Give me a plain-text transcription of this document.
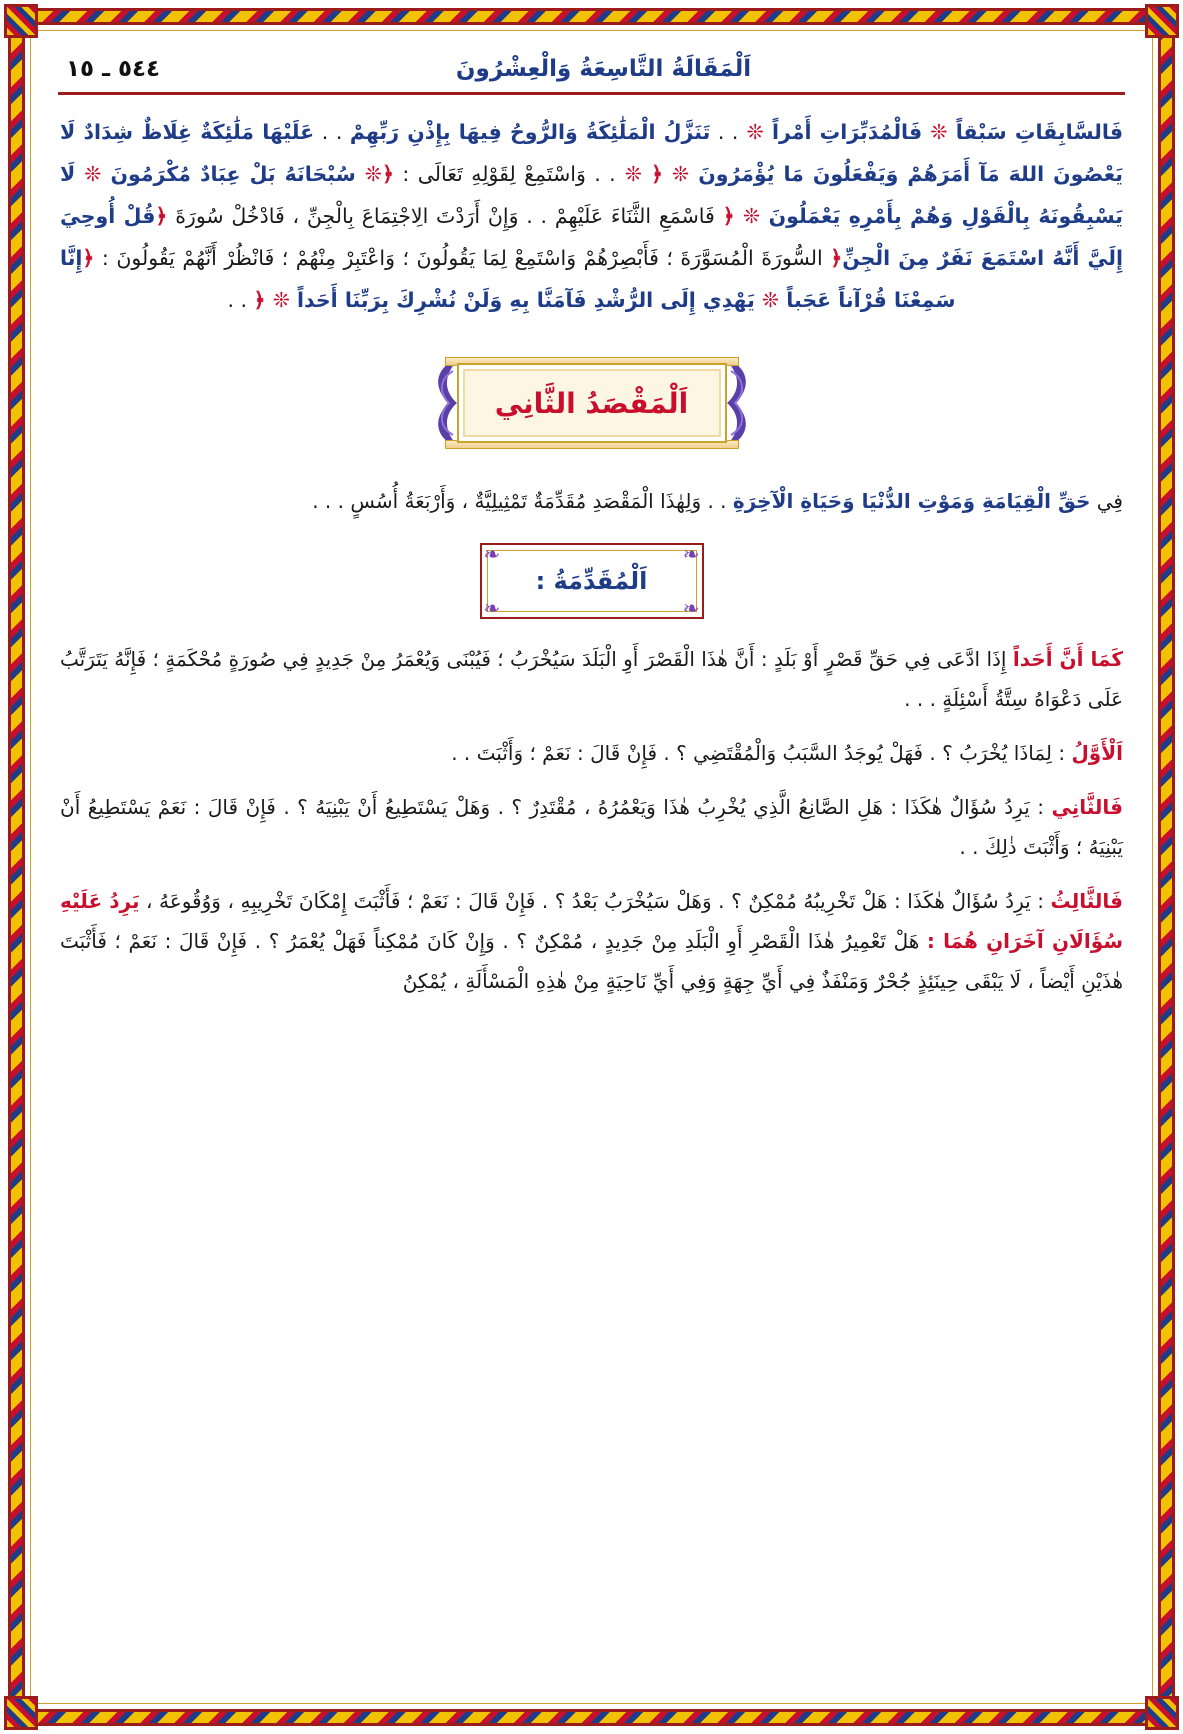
اَلْمَقَالَةُ التَّاسِعَةُ وَالْعِشْرُونَ
٥٤٤ ـ ١٥

فَالسَّابِقَاتِ سَبْقاً ❊ فَالْمُدَبِّرَاتِ أَمْراً ❊ . . تَنَزَّلُ الْمَلَٰئِكَةُ وَالرُّوحُ فِيهَا بِإِذْنِ رَبِّهِمْ . . عَلَيْهَا مَلَٰئِكَةٌ غِلَاظٌ شِدَادٌ لَا يَعْصُونَ اللهَ مَآ أَمَرَهُمْ وَيَفْعَلُونَ مَا يُؤْمَرُونَ ❊ ﴿ ❊ . . وَاسْتَمِعْ لِقَوْلِهِ تَعَالَى : ﴿❊ سُبْحَانَهُ بَلْ عِبَادٌ مُكْرَمُونَ ❊ لَا يَسْبِقُونَهُ بِالْقَوْلِ وَهُمْ بِأَمْرِهِ يَعْمَلُونَ ❊ ﴿ فَاسْمَعِ الثَّنَاءَ عَلَيْهِمْ . . وَإِنْ أَرَدْتَ الِاجْتِمَاعَ بِالْجِنِّ ، فَادْخُلْ سُورَةَ ﴿قُلْ أُوحِيَ إِلَيَّ أَنَّهُ اسْتَمَعَ نَفَرٌ مِنَ الْجِنِّ﴿ السُّورَةَ الْمُسَوَّرَةَ ؛ فَأَبْصِرْهُمْ وَاسْتَمِعْ لِمَا يَقُولُونَ ؛ وَاعْتَبِرْ مِنْهُمْ ؛ فَانْظُرْ أَنَّهُمْ يَقُولُونَ : ﴿إِنَّا سَمِعْنَا قُرْآناً عَجَباً ❊ يَهْدِي إِلَى الرُّشْدِ فَآمَنَّا بِهِ وَلَنْ نُشْرِكَ بِرَبِّنَا أَحَداً ❊ ﴿ . .

اَلْمَقْصَدُ الثَّانِي

فِي حَقِّ الْقِيَامَةِ وَمَوْتِ الدُّنْيَا وَحَيَاةِ الْآخِرَةِ . . وَلِهٰذَا الْمَقْصَدِ مُقَدِّمَةٌ تَمْثِيلِيَّةٌ ، وَأَرْبَعَةُ أُسُسٍ . . .

❧	❧
❧	❧
اَلْمُقَدِّمَةُ :

كَمَا أَنَّ أَحَداً إِذَا ادَّعَى فِي حَقِّ قَصْرٍ أَوْ بَلَدٍ : أَنَّ هٰذَا الْقَصْرَ أَوِ الْبَلَدَ سَيُخْرَبُ ؛ فَيُبْنَى وَيُعْمَرُ مِنْ جَدِيدٍ فِي صُورَةٍ مُحْكَمَةٍ ؛ فَإِنَّهُ يَتَرَتَّبُ عَلَى دَعْوَاهُ سِتَّةُ أَسْئِلَةٍ . . .

اَلْأَوَّلُ : لِمَاذَا يُخْرَبُ ؟ . فَهَلْ يُوجَدُ السَّبَبُ وَالْمُقْتَضِي ؟ . فَإِنْ قَالَ : نَعَمْ ؛ وَأَثْبَتَ . .

فَالثَّانِي : يَرِدُ سُؤَالٌ هٰكَذَا : هَلِ الصَّانِعُ الَّذِي يُخْرِبُ هٰذَا وَيَعْمُرُهُ ، مُقْتَدِرٌ ؟ . وَهَلْ يَسْتَطِيعُ أَنْ يَبْنِيَهُ ؟ . فَإِنْ قَالَ : نَعَمْ يَسْتَطِيعُ أَنْ يَبْنِيَهُ ؛ وَأَثْبَتَ ذٰلِكَ . .

فَالثَّالِثُ : يَرِدُ سُؤَالٌ هٰكَذَا : هَلْ تَخْرِيبُهُ مُمْكِنٌ ؟ . وَهَلْ سَيُخْرَبُ بَعْدُ ؟ . فَإِنْ قَالَ : نَعَمْ ؛ فَأَثْبَتَ إِمْكَانَ تَخْرِيبِهِ ، وَوُقُوعَهُ ، يَرِدُ عَلَيْهِ سُؤَالَانِ آخَرَانِ هُمَا : هَلْ تَعْمِيرُ هٰذَا الْقَصْرِ أَوِ الْبَلَدِ مِنْ جَدِيدٍ ، مُمْكِنٌ ؟ . وَإِنْ كَانَ مُمْكِناً فَهَلْ يُعْمَرُ ؟ . فَإِنْ قَالَ : نَعَمْ ؛ فَأَثْبَتَ هٰذَيْنِ أَيْضاً ، لَا يَبْقَى حِينَئِذٍ جُحْرٌ وَمَنْفَذٌ فِي أَيِّ جِهَةٍ وَفِي أَيِّ نَاحِيَةٍ مِنْ هٰذِهِ الْمَسْأَلَةِ ، يُمْكِنُ
